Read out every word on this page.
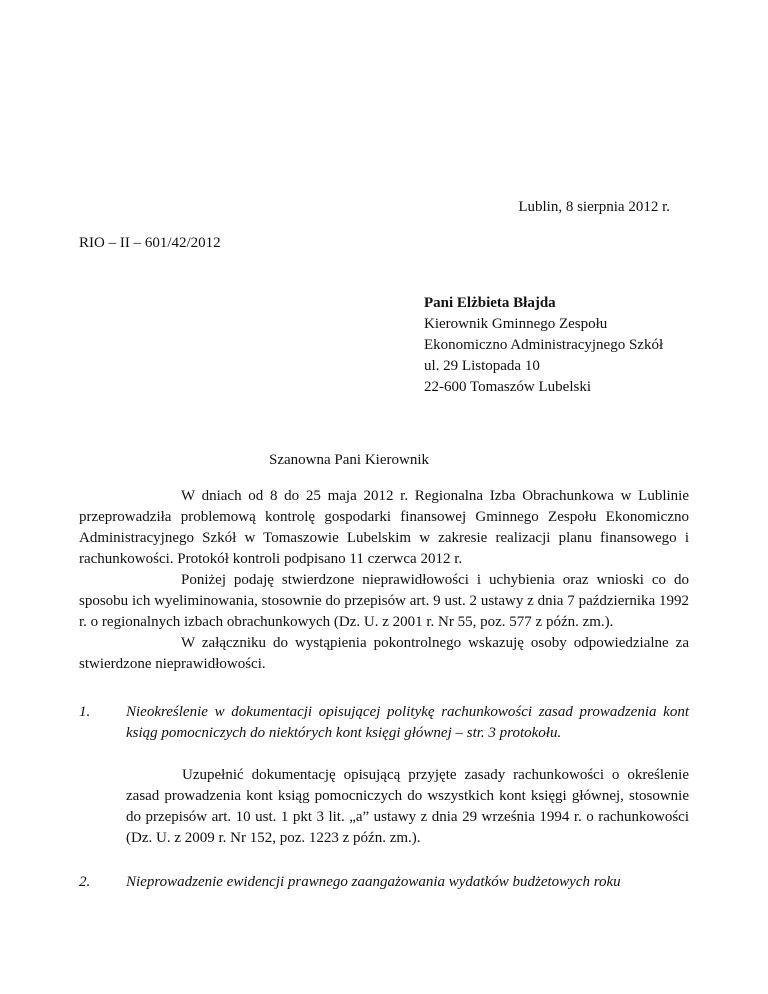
Lublin, 8 sierpnia 2012 r.
RIO – II – 601/42/2012
Pani Elżbieta Błajda
Kierownik Gminnego Zespołu
Ekonomiczno Administracyjnego Szkół
ul. 29 Listopada 10
22-600 Tomaszów Lubelski
Szanowna Pani Kierownik

W dniach od 8 do 25 maja 2012 r. Regionalna Izba Obrachunkowa w Lublinie przeprowadziła problemową kontrolę gospodarki finansowej Gminnego Zespołu Ekonomiczno Administracyjnego Szkół w Tomaszowie Lubelskim w zakresie realizacji planu finansowego i rachunkowości. Protokół kontroli podpisano 11 czerwca 2012 r.

Poniżej podaję stwierdzone nieprawidłowości i uchybienia oraz wnioski co do sposobu ich wyeliminowania, stosownie do przepisów art. 9 ust. 2 ustawy z dnia 7 października 1992 r. o regionalnych izbach obrachunkowych (Dz. U. z 2001 r. Nr 55, poz. 577 z późn. zm.).

W załączniku do wystąpienia pokontrolnego wskazuję osoby odpowiedzialne za stwierdzone nieprawidłowości.

1. Nieokreślenie w dokumentacji opisującej politykę rachunkowości zasad prowadzenia kont ksiąg pomocniczych do niektórych kont księgi głównej – str. 3 protokołu.

Uzupełnić dokumentację opisującą przyjęte zasady rachunkowości o określenie zasad prowadzenia kont ksiąg pomocniczych do wszystkich kont księgi głównej, stosownie do przepisów art. 10 ust. 1 pkt 3 lit. „a” ustawy z dnia 29 września 1994 r. o rachunkowości (Dz. U. z 2009 r. Nr 152, poz. 1223 z późn. zm.).

2. Nieprowadzenie ewidencji prawnego zaangażowania wydatków budżetowych roku
